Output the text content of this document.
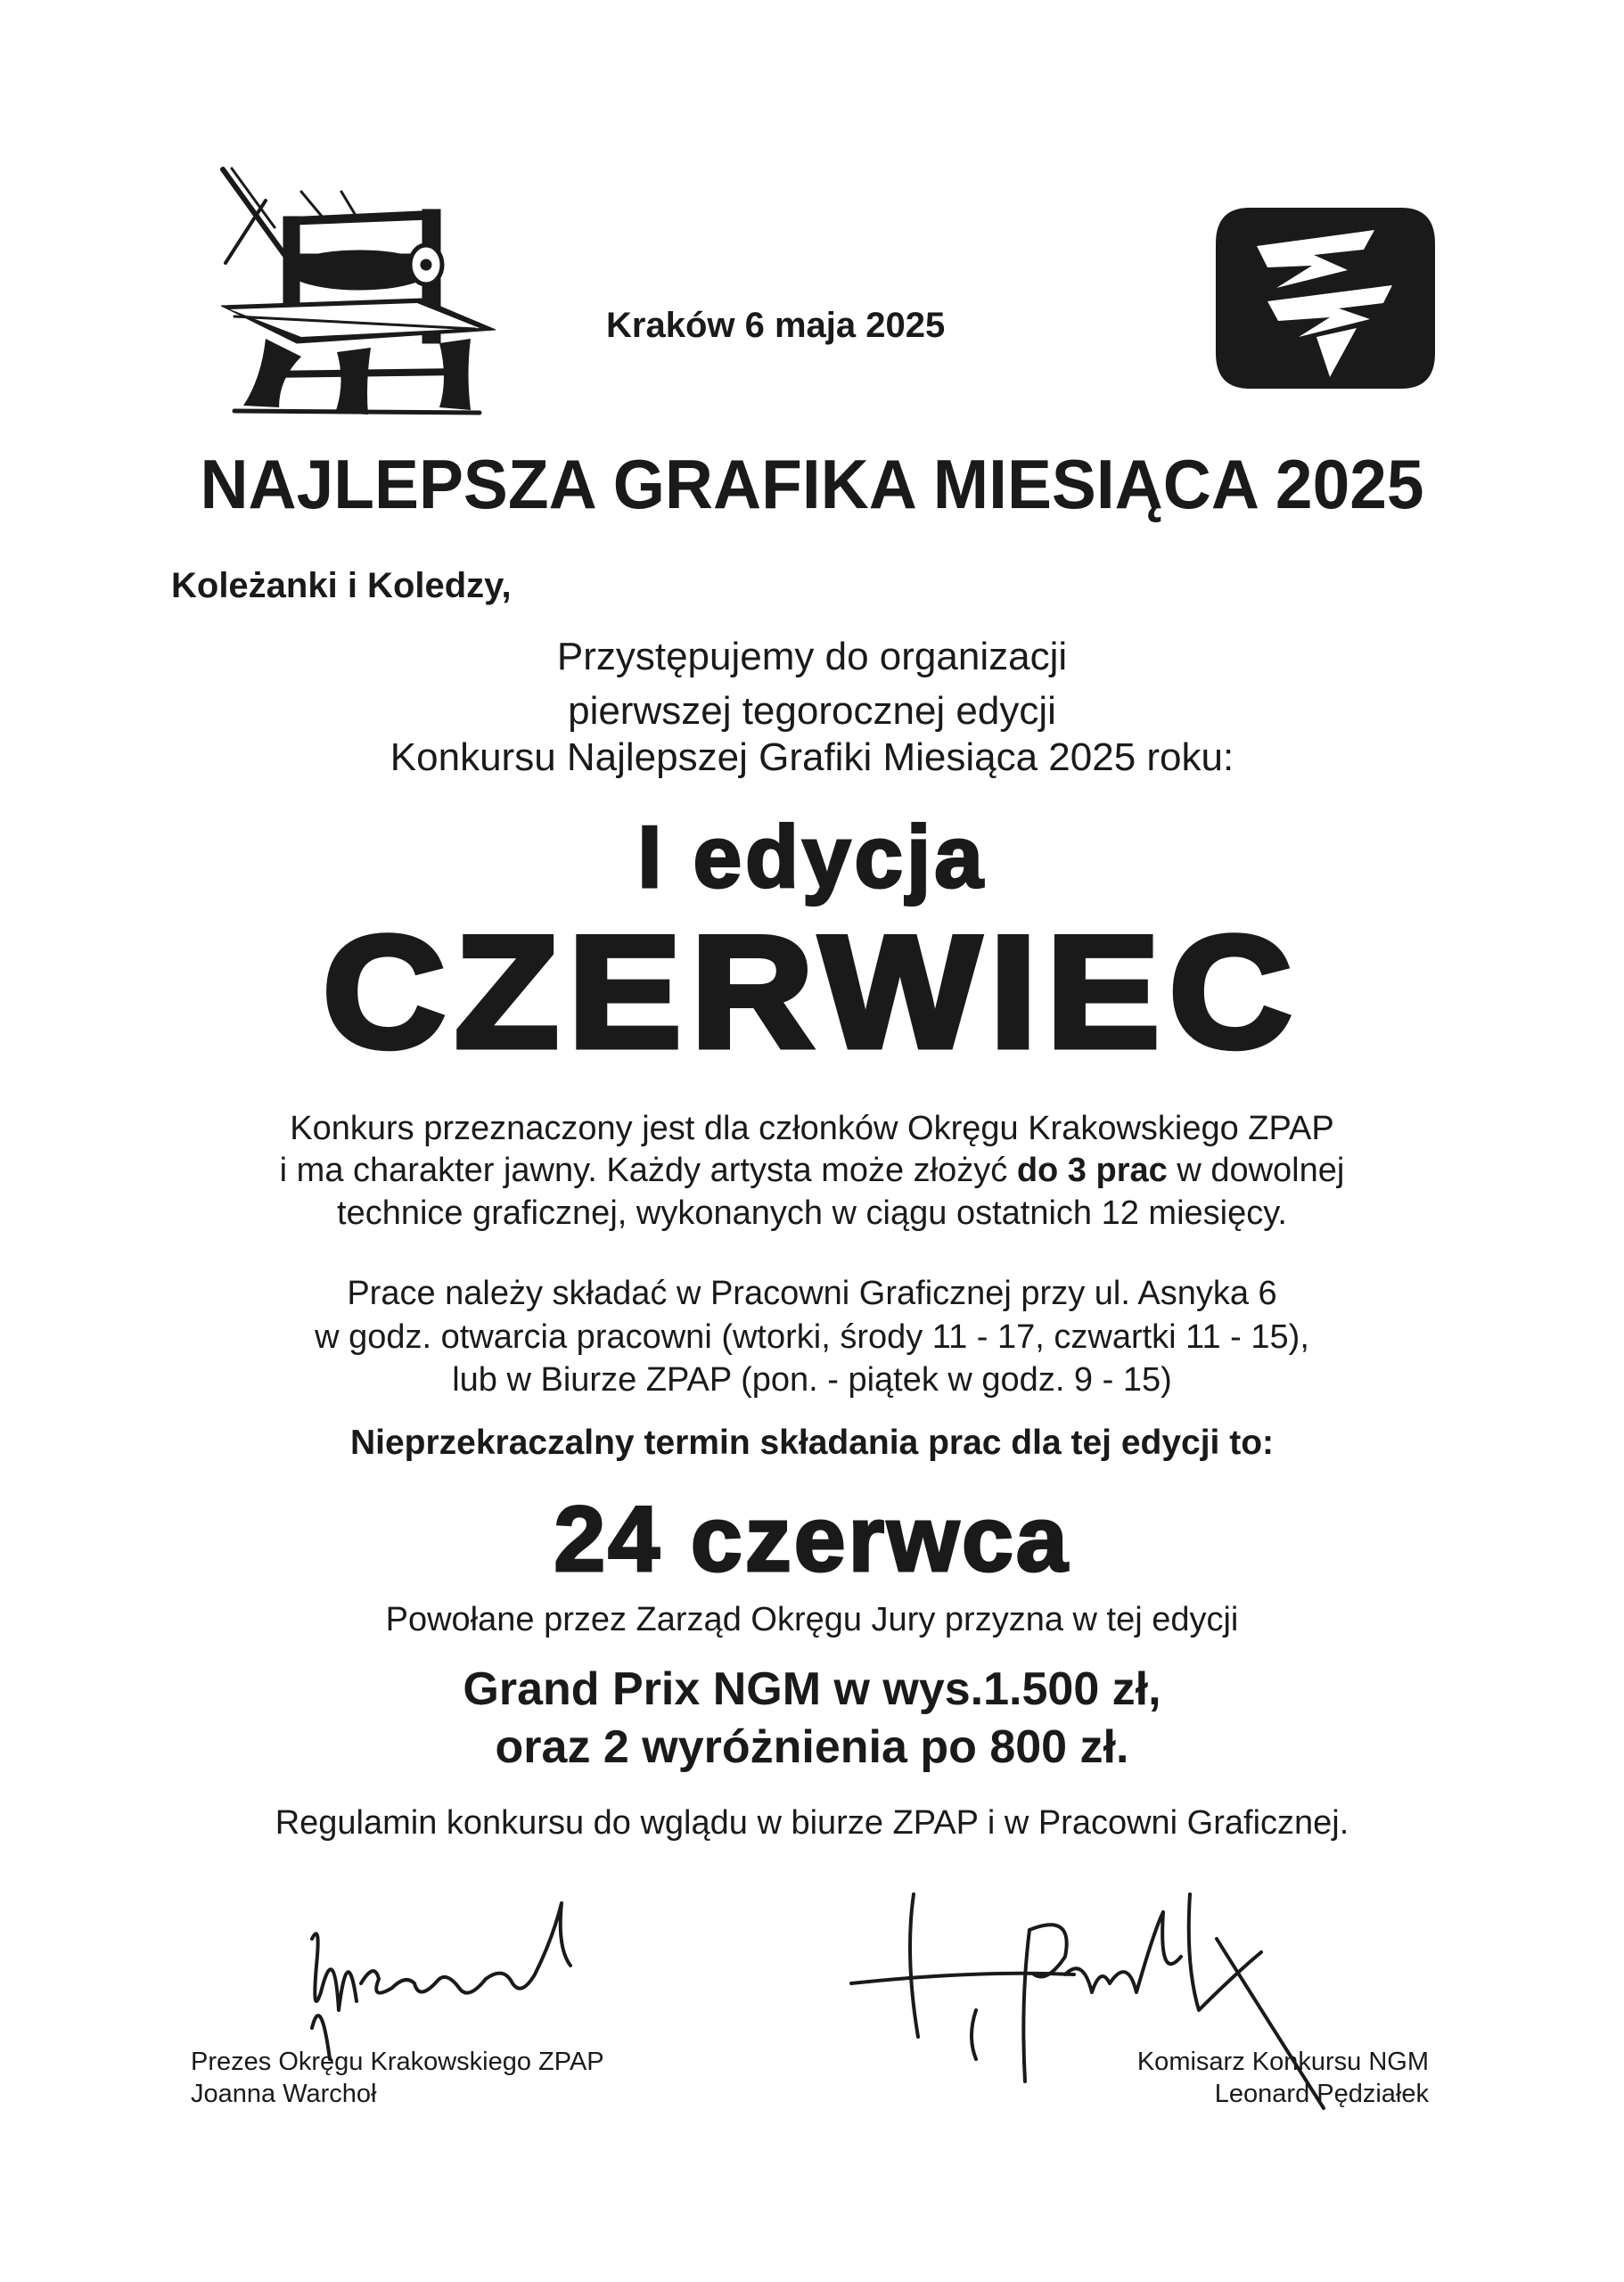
Kraków 6 maja 2025
NAJLEPSZA GRAFIKA MIESIĄCA 2025
Koleżanki i Koledzy,
Przystępujemy do organizacji
pierwszej tegorocznej edycji
Konkursu Najlepszej Grafiki Miesiąca 2025 roku:
I edycja
CZERWIEC
Konkurs przeznaczony jest dla członków Okręgu Krakowskiego ZPAP
i ma charakter jawny. Każdy artysta może złożyć do 3 prac w dowolnej
technice graficznej, wykonanych w ciągu ostatnich 12 miesięcy.
Prace należy składać w Pracowni Graficznej przy ul. Asnyka 6
w godz. otwarcia pracowni (wtorki, środy 11 - 17, czwartki 11 - 15),
lub w Biurze ZPAP (pon. - piątek w godz. 9 - 15)
Nieprzekraczalny termin składania prac dla tej edycji to:
24 czerwca
Powołane przez Zarząd Okręgu Jury przyzna w tej edycji
Grand Prix NGM w wys.1.500 zł,
oraz 2 wyróżnienia po 800 zł.
Regulamin konkursu do wglądu w biurze ZPAP i w Pracowni Graficznej.
Prezes Okręgu Krakowskiego ZPAP
Joanna Warchoł
Komisarz Konkursu NGM
Leonard Pędziałek
